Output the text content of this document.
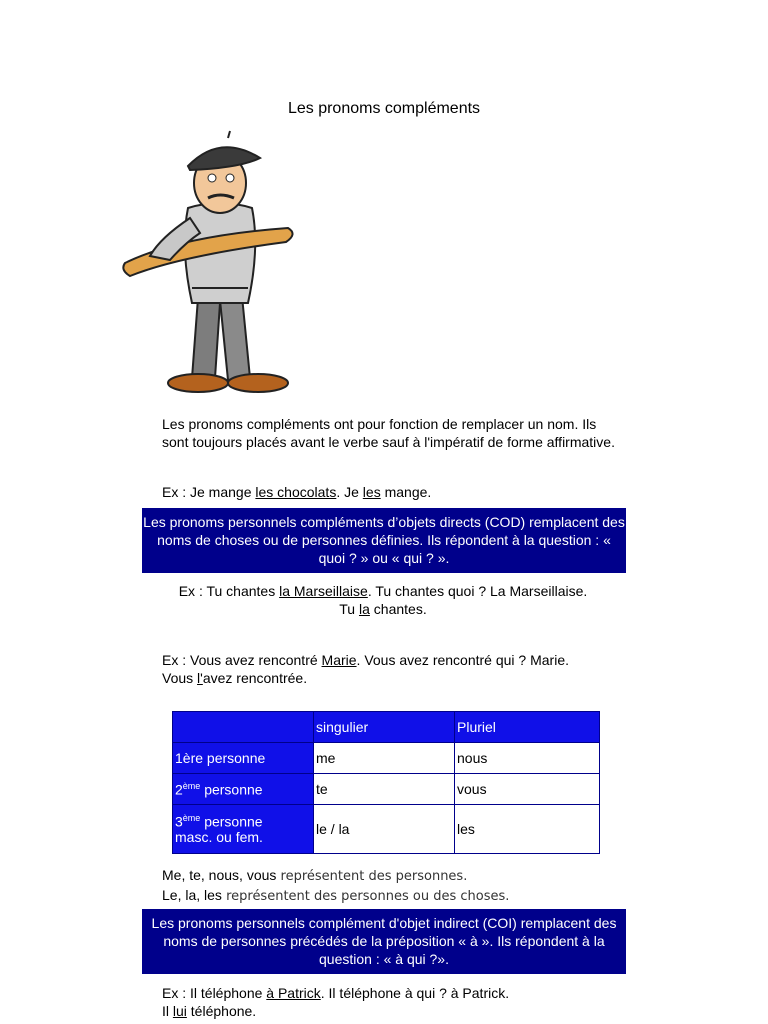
Les pronoms compléments
Les pronoms compléments ont pour fonction de remplacer un nom. Ils sont toujours placés avant le verbe sauf à l'impératif de forme affirmative.
Ex : Je mange les chocolats. Je les mange.
Les pronoms personnels compléments d’objets directs (COD) remplacent des noms de choses ou de personnes définies. Ils répondent à la question : « quoi ? » ou « qui ? ».
Ex : Tu chantes la Marseillaise. Tu chantes quoi ? La Marseillaise.
Tu la chantes.
Ex : Vous avez rencontré Marie. Vous avez rencontré qui ? Marie.
Vous l'avez rencontrée.
	singulier	Pluriel
1ère personne	me	nous
2ème personne	te	vous
3ème personne
masc. ou fem.	le / la	les
Me, te, nous, vous représentent des personnes.
Le, la, les représentent des personnes ou des choses.
Les pronoms personnels complément d'objet indirect (COI) remplacent des noms de personnes précédés de la préposition « à ». Ils répondent à la question : « à qui ?».
Ex : Il téléphone à Patrick. Il téléphone à qui ? à Patrick.
Il lui téléphone.
